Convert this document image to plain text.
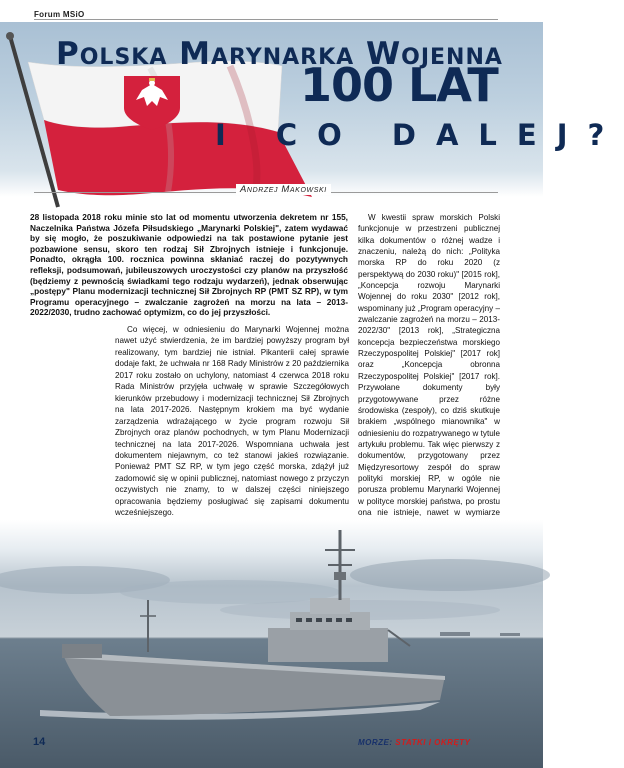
Forum MSiO
Polska Marynarka Wojenna
100 LAT
I CO DALEJ?
Andrzej Makowski

28 listopada 2018 roku minie sto lat od momentu utworzenia dekretem nr 155, Naczelnika Państwa Józefa Piłsudskiego „Marynarki Polskiej", zatem wydawać by się mogło, że poszukiwanie odpowiedzi na tak postawione pytanie jest pozbawione sensu, skoro ten rodzaj Sił Zbrojnych istnieje i funkcjonuje. Ponadto, okrągła 100. rocznica powinna skłaniać raczej do pozytywnych refleksji, podsumowań, jubileuszowych uroczystości czy planów na przyszłość (będziemy z pewnością świadkami tego rodzaju wydarzeń), jednak obserwując „postępy" Planu modernizacji technicznej Sił Zbrojnych RP (PMT SZ RP), w tym Programu operacyjnego – zwalczanie zagrożeń na morzu na lata – 2013- 2022/2030, trudno zachować optymizm, co do jej przyszłości.

Co więcej, w odniesieniu do Marynarki Wojennej można nawet użyć stwierdzenia, że im bardziej powyższy program był realizowany, tym bardziej nie istniał. Pikanterii całej sprawie dodaje fakt, że uchwała nr 168 Rady Ministrów z 20 października 2017 roku zostało on uchylony, natomiast 4 czerwca 2018 roku Rada Ministrów przyjęła uchwałę w sprawie Szczegółowych kierunków przebudowy i modernizacji technicznej Sił Zbrojnych na lata 2017-2026. Następnym krokiem ma być wydanie zarządzenia wdrażającego w życie program rozwoju Sił Zbrojnych oraz planów pochodnych, w tym Planu Modernizacji technicznej na lata 2017-2026. Wspomniana uchwała jest dokumentem niejawnym, co też stanowi jakieś rozwiązanie. Ponieważ PMT SZ RP, w tym jego część morska, zdążył już zadomowić się w opinii publicznej, natomiast nowego z przyczyn oczywistych nie znamy, to w dalszej części niniejszego opracowania będziemy posługiwać się zapisami dokumentu wcześniejszego.

W kwestii spraw morskich Polski funkcjonuje w przestrzeni publicznej kilka dokumentów o różnej wadze i znaczeniu, należą do nich: „Polityka morska RP do roku 2020 (z perspektywą do 2030 roku)" [2015 rok], „Koncepcja rozwoju Marynarki Wojennej do roku 2030" [2012 rok], wspominany już „Program operacyjny – zwalczanie zagrożeń na morzu – 2013-2022/30" [2013 rok], „Strategiczna koncepcja bezpieczeństwa morskiego Rzeczypospolitej Polskiej" [2017 rok] oraz „Koncepcja obronna Rzeczypospolitej Polskiej" [2017 rok]. Przywołane dokumenty były przygotowywane przez różne środowiska (zespoły), co dziś skutkuje brakiem „wspólnego mianownika" w odniesieniu do rozpatrywanego w tytule artykułu problemu. Tak więc pierwszy z dokumentów, przygotowany przez Międzyresortowy zespół do spraw polityki morskiej RP, w ogóle nie porusza problemu Marynarki Wojennej w polityce morskiej państwa, po prostu ona nie istnieje, nawet w wymiarze

14	MORZE: STATKI I OKRĘTY
